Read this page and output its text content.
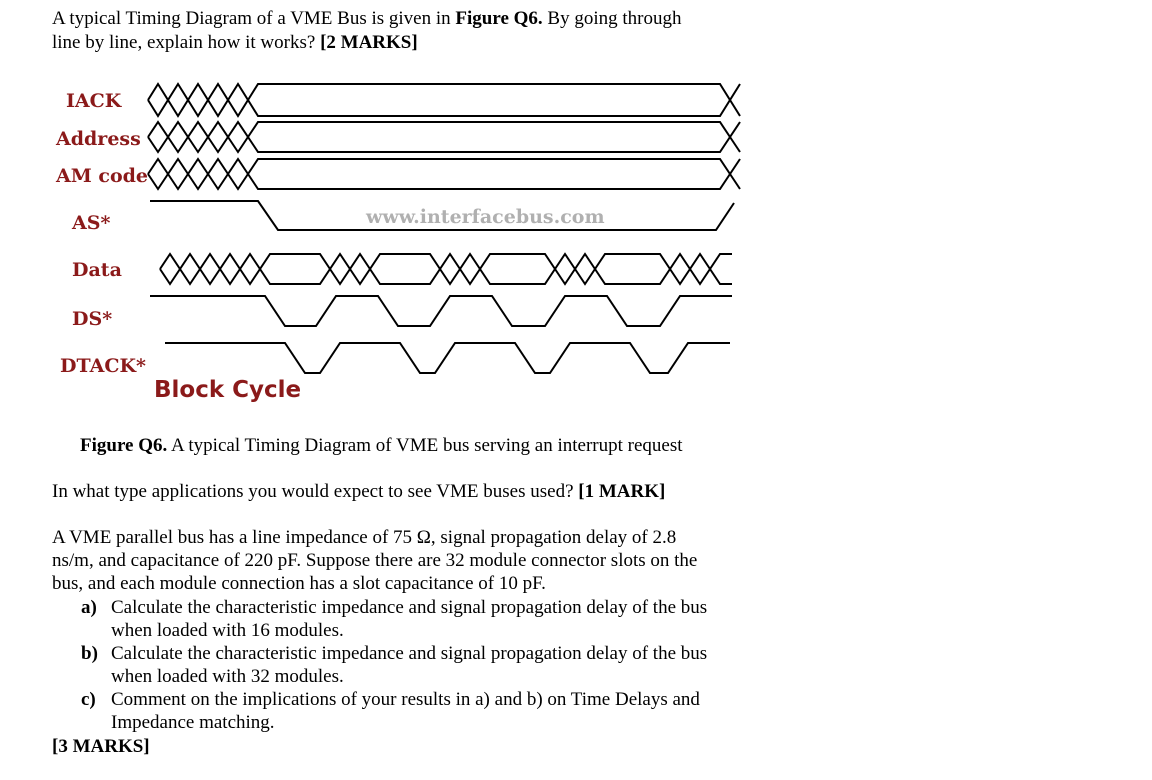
A typical Timing Diagram of a VME Bus is given in Figure Q6. By going through
line by line, explain how it works? [2 MARKS]
IACK
Address
AM code
AS*
Data
DS*
DTACK*
www.interfacebus.com
Block Cycle
Figure Q6. A typical Timing Diagram of VME bus serving an interrupt request
In what type applications you would expect to see VME buses used? [1 MARK]
A VME parallel bus has a line impedance of 75 Ω, signal propagation delay of 2.8
ns/m, and capacitance of 220 pF. Suppose there are 32 module connector slots on the
bus, and each module connection has a slot capacitance of 10 pF.
a) Calculate the characteristic impedance and signal propagation delay of the bus
when loaded with 16 modules.
b) Calculate the characteristic impedance and signal propagation delay of the bus
when loaded with 32 modules.
c) Comment on the implications of your results in a) and b) on Time Delays and
Impedance matching.
[3 MARKS]
